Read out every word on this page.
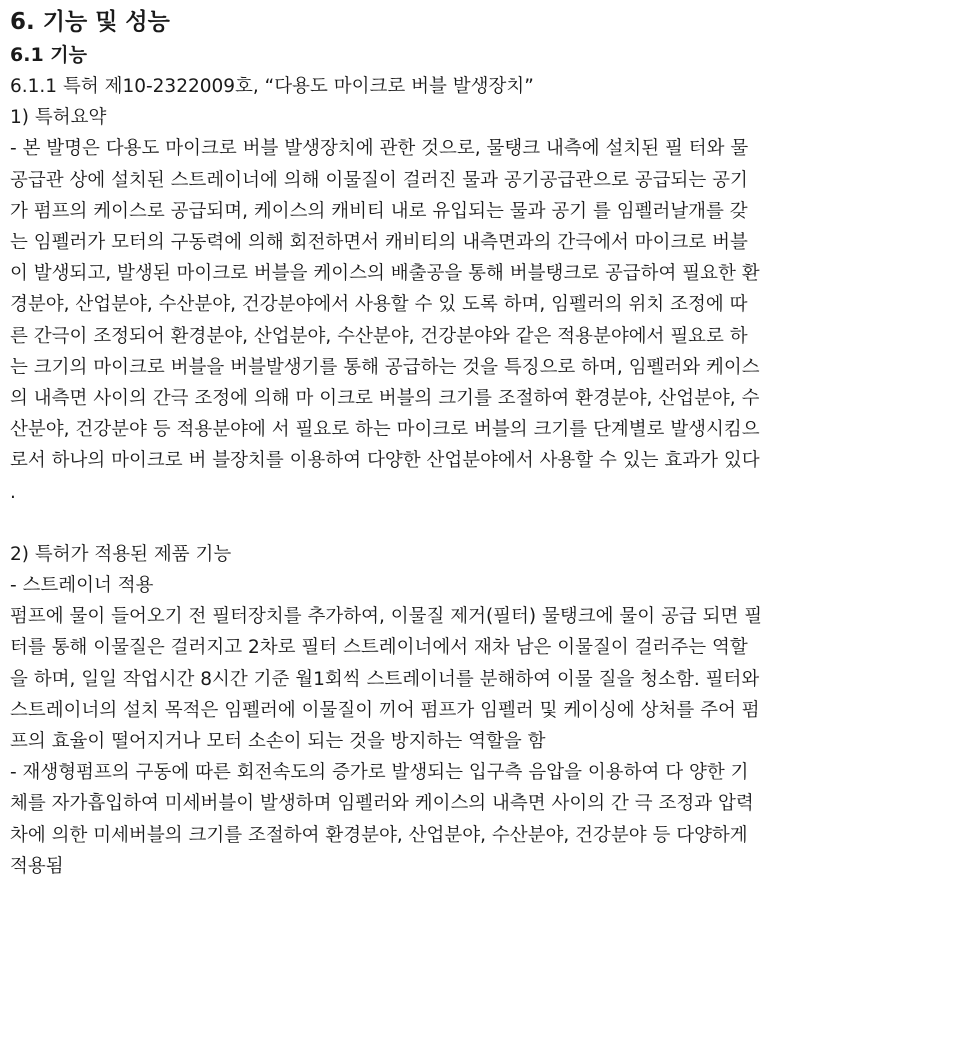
6. 기능 및 성능
6.1 기능
6.1.1 특허 제10-2322009호, “다용도 마이크로 버블 발생장치”
1) 특허요약
- 본 발명은 다용도 마이크로 버블 발생장치에 관한 것으로, 물탱크 내측에 설치된 필 터와 물
공급관 상에 설치된 스트레이너에 의해 이물질이 걸러진 물과 공기공급관으로 공급되는 공기
가 펌프의 케이스로 공급되며, 케이스의 캐비티 내로 유입되는 물과 공기 를 임펠러날개를 갖
는 임펠러가 모터의 구동력에 의해 회전하면서 캐비티의 내측면과의 간극에서 마이크로 버블
이 발생되고, 발생된 마이크로 버블을 케이스의 배출공을 통해 버블탱크로 공급하여 필요한 환
경분야, 산업분야, 수산분야, 건강분야에서 사용할 수 있 도록 하며, 임펠러의 위치 조정에 따
른 간극이 조정되어 환경분야, 산업분야, 수산분야, 건강분야와 같은 적용분야에서 필요로 하
는 크기의 마이크로 버블을 버블발생기를 통해 공급하는 것을 특징으로 하며, 임펠러와 케이스
의 내측면 사이의 간극 조정에 의해 마 이크로 버블의 크기를 조절하여 환경분야, 산업분야, 수
산분야, 건강분야 등 적용분야에 서 필요로 하는 마이크로 버블의 크기를 단계별로 발생시킴으
로서 하나의 마이크로 버 블장치를 이용하여 다양한 산업분야에서 사용할 수 있는 효과가 있다
.
2) 특허가 적용된 제품 기능
- 스트레이너 적용
펌프에 물이 들어오기 전 필터장치를 추가하여, 이물질 제거(필터) 물탱크에 물이 공급 되면 필
터를 통해 이물질은 걸러지고 2차로 필터 스트레이너에서 재차 남은 이물질이 걸러주는 역할
을 하며, 일일 작업시간 8시간 기준 월1회씩 스트레이너를 분해하여 이물 질을 청소함. 필터와
스트레이너의 설치 목적은 임펠러에 이물질이 끼어 펌프가 임펠러 및 케이싱에 상처를 주어 펌
프의 효율이 떨어지거나 모터 소손이 되는 것을 방지하는 역할을 함
- 재생형펌프의 구동에 따른 회전속도의 증가로 발생되는 입구측 음압을 이용하여 다 양한 기
체를 자가흡입하여 미세버블이 발생하며 임펠러와 케이스의 내측면 사이의 간 극 조정과 압력
차에 의한 미세버블의 크기를 조절하여 환경분야, 산업분야, 수산분야, 건강분야 등 다양하게
적용됨
